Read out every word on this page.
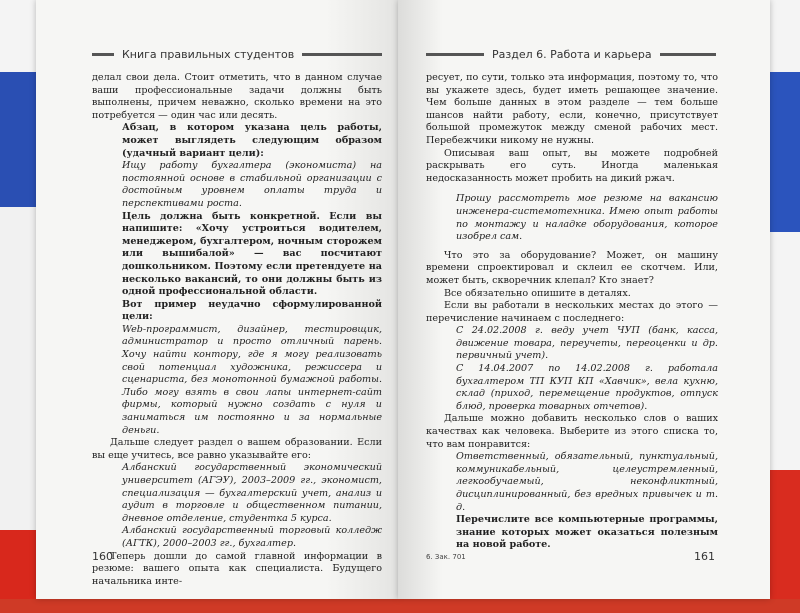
Книга правильных студентов

делал свои дела. Стоит отметить, что в данном случае ваши профессиональные задачи должны быть выполнены, причем неважно, сколько времени на это потребуется — один час или десять.

Абзац, в котором указана цель работы, может выглядеть следующим образом (удачный вариант цели):

Ищу работу бухгалтера (экономиста) на постоянной основе в стабильной организации с достойным уровнем оплаты труда и перспективами роста.

Цель должна быть конкретной. Если вы напишите: «Хочу устроиться водителем, менеджером, бухгалтером, ночным сторожем или вышибалой» — вас посчитают дошкольником. Поэтому если претендуете на несколько вакансий, то они должны быть из одной профессиональной области.

Вот пример неудачно сформулированной цели:

Web-программист, дизайнер, тестировщик, администратор и просто отличный парень. Хочу найти контору, где я могу реализовать свой потенциал художника, режиссера и сценариста, без монотонной бумажной работы. Либо могу взять в свои лапы интернет-сайт фирмы, который нужно создать с нуля и заниматься им постоянно и за нормальные деньги.

Дальше следует раздел о вашем образовании. Если вы еще учитесь, все равно указывайте его:

Албанский государственный экономический университет (АГЭУ), 2003–2009 гг., экономист, специализация — бухгалтерский учет, анализ и аудит в торговле и общественном питании, дневное отделение, студентка 5 курса.

Албанский государственный торговый колледж (АГТК), 2000–2003 гг., бухгалтер.

Теперь дошли до самой главной информации в резюме: вашего опыта как специалиста. Будущего начальника инте-

160
Раздел 6. Работа и карьера

ресует, по сути, только эта информация, поэтому то, что вы укажете здесь, будет иметь решающее значение. Чем больше данных в этом разделе — тем больше шансов найти работу, если, конечно, присутствует большой промежуток между сменой рабочих мест. Перебежчики никому не нужны.

Описывая ваш опыт, вы можете подробней раскрывать его суть. Иногда маленькая недосказанность может пробить на дикий ржач.

Прошу рассмотреть мое резюме на вакансию инженера-системотехника. Имею опыт работы по монтажу и наладке оборудования, которое изобрел сам.

Что это за оборудование? Может, он машину времени спроектировал и склеил ее скотчем. Или, может быть, скворечник клепал? Кто знает?

Все обязательно опишите в деталях.

Если вы работали в нескольких местах до этого — перечисление начинаем с последнего:

С 24.02.2008 г. веду учет ЧУП (банк, касса, движение товара, переучеты, переоценки и др. первичный учет).

С 14.04.2007 по 14.02.2008 г. работала бухгалтером ТП КУП КП «Хавчик», вела кухню, склад (приход, перемещение продуктов, отпуск блюд, проверка товарных отчетов).

Дальше можно добавить несколько слов о ваших качествах как человека. Выберите из этого списка то, что вам понравится:

Ответственный, обязательный, пунктуальный, коммуникабельный, целеустремленный, легкообучаемый, неконфликтный, дисциплинированный, без вредных привычек и т. д.

Перечислите все компьютерные программы, знание которых может оказаться полезным на новой работе.

6. Зак. 701	161
